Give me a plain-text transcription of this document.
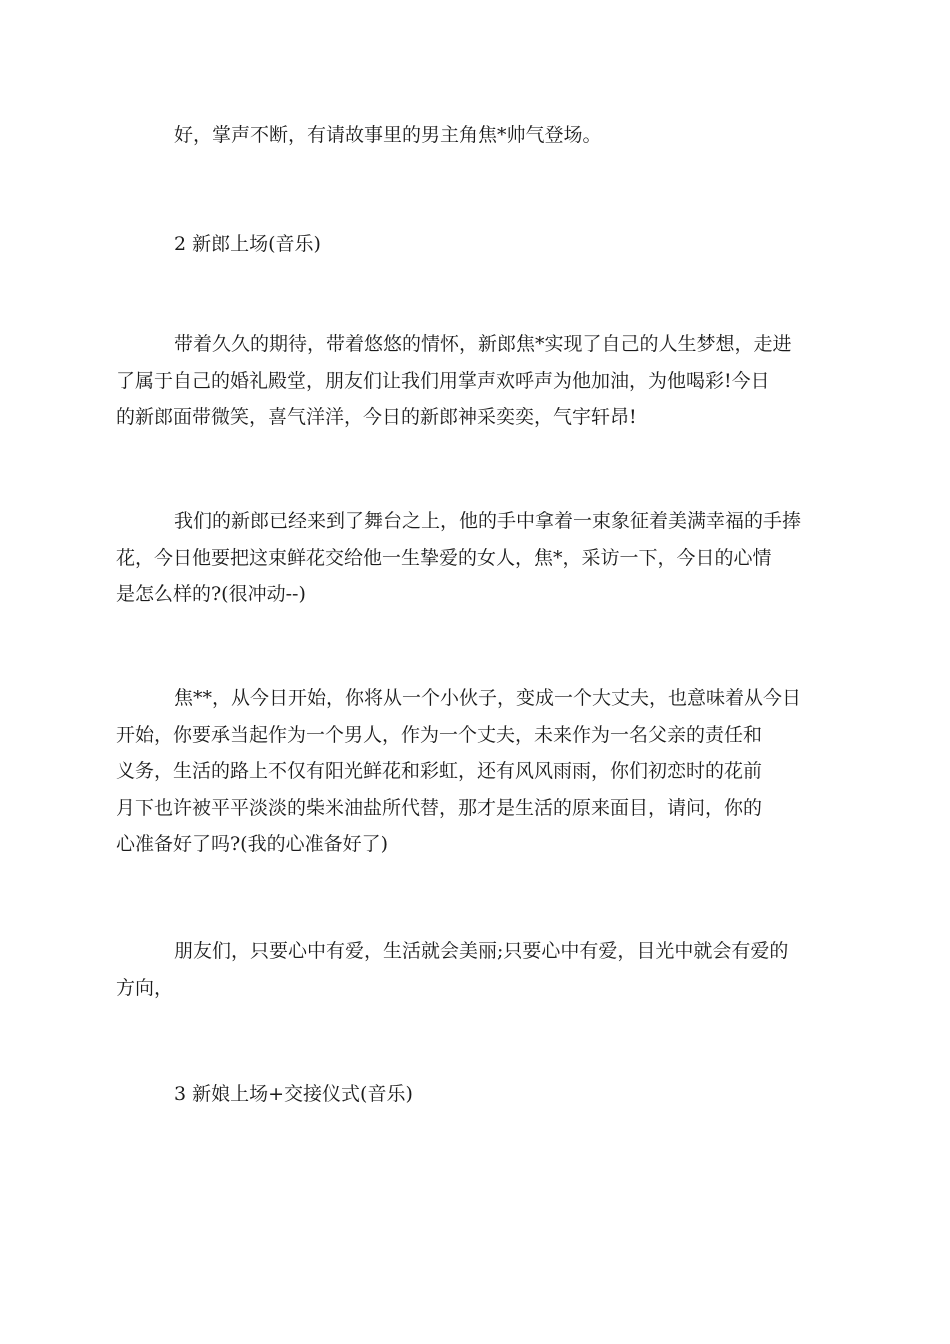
好，掌声不断，有请故事里的男主角焦*帅气登场。

2 新郎上场(音乐)

带着久久的期待，带着悠悠的情怀，新郎焦*实现了自己的人生梦想，走进
了属于自己的婚礼殿堂，朋友们让我们用掌声欢呼声为他加油，为他喝彩!今日
的新郎面带微笑，喜气洋洋，今日的新郎神采奕奕，气宇轩昂!

我们的新郎已经来到了舞台之上，他的手中拿着一束象征着美满幸福的手捧
花，今日他要把这束鲜花交给他一生挚爱的女人，焦*，采访一下，今日的心情
是怎么样的?(很冲动--)

焦**，从今日开始，你将从一个小伙子，变成一个大丈夫，也意味着从今日
开始，你要承当起作为一个男人，作为一个丈夫，未来作为一名父亲的责任和
义务，生活的路上不仅有阳光鲜花和彩虹，还有风风雨雨，你们初恋时的花前
月下也许被平平淡淡的柴米油盐所代替，那才是生活的原来面目，请问，你的
心准备好了吗?(我的心准备好了)

朋友们，只要心中有爱，生活就会美丽;只要心中有爱，目光中就会有爱的
方向，

3 新娘上场+交接仪式(音乐)
